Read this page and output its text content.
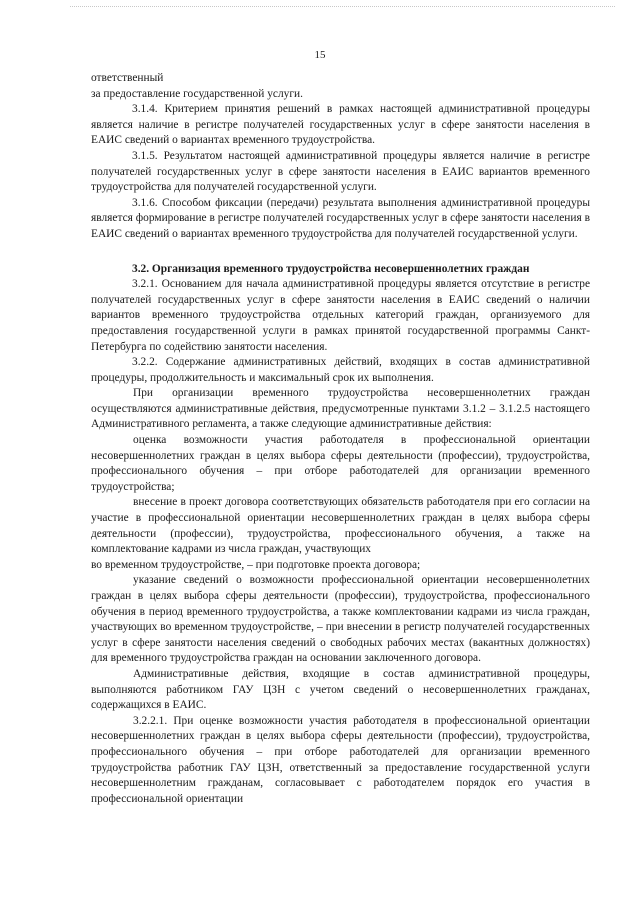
15

ответственный

за предоставление государственной услуги.

3.1.4. Критерием принятия решений в рамках настоящей административной процедуры является наличие в регистре получателей государственных услуг в сфере занятости населения в ЕАИС сведений о вариантах временного трудоустройства.

3.1.5. Результатом настоящей административной процедуры является наличие в регистре получателей государственных услуг в сфере занятости населения в ЕАИС вариантов временного трудоустройства для получателей государственной услуги.

3.1.6. Способом фиксации (передачи) результата выполнения административной процедуры является формирование в регистре получателей государственных услуг в сфере занятости населения в ЕАИС сведений о вариантах временного трудоустройства для получателей государственной услуги.

3.2. Организация временного трудоустройства несовершеннолетних граждан

3.2.1. Основанием для начала административной процедуры является отсутствие в регистре получателей государственных услуг в сфере занятости населения в ЕАИС сведений о наличии вариантов временного трудоустройства отдельных категорий граждан, организуемого для предоставления государственной услуги в рамках принятой государственной программы Санкт-Петербурга по содействию занятости населения.

3.2.2. Содержание административных действий, входящих в состав административной процедуры, продолжительность и максимальный срок их выполнения.

При организации временного трудоустройства несовершеннолетних граждан осуществляются административные действия, предусмотренные пунктами 3.1.2 – 3.1.2.5 настоящего Административного регламента, а также следующие административные действия:

оценка возможности участия работодателя в профессиональной ориентации несовершеннолетних граждан в целях выбора сферы деятельности (профессии), трудоустройства, профессионального обучения – при отборе работодателей для организации временного трудоустройства;

внесение в проект договора соответствующих обязательств работодателя при его согласии на участие в профессиональной ориентации несовершеннолетних граждан в целях выбора сферы деятельности (профессии), трудоустройства, профессионального обучения, а также на комплектование кадрами из числа граждан, участвующих

во временном трудоустройстве, – при подготовке проекта договора;

указание сведений о возможности профессиональной ориентации несовершеннолетних граждан в целях выбора сферы деятельности (профессии), трудоустройства, профессионального обучения в период временного трудоустройства, а также комплектовании кадрами из числа граждан, участвующих во временном трудоустройстве, – при внесении в регистр получателей государственных услуг в сфере занятости населения сведений о свободных рабочих местах (вакантных должностях) для временного трудоустройства граждан на основании заключенного договора.

Административные действия, входящие в состав административной процедуры, выполняются работником ГАУ ЦЗН с учетом сведений о несовершеннолетних гражданах, содержащихся в ЕАИС.

3.2.2.1. При оценке возможности участия работодателя в профессиональной ориентации несовершеннолетних граждан в целях выбора сферы деятельности (профессии), трудоустройства, профессионального обучения – при отборе работодателей для организации временного трудоустройства работник ГАУ ЦЗН, ответственный за предоставление государственной услуги несовершеннолетним гражданам, согласовывает с работодателем порядок его участия в профессиональной ориентации
